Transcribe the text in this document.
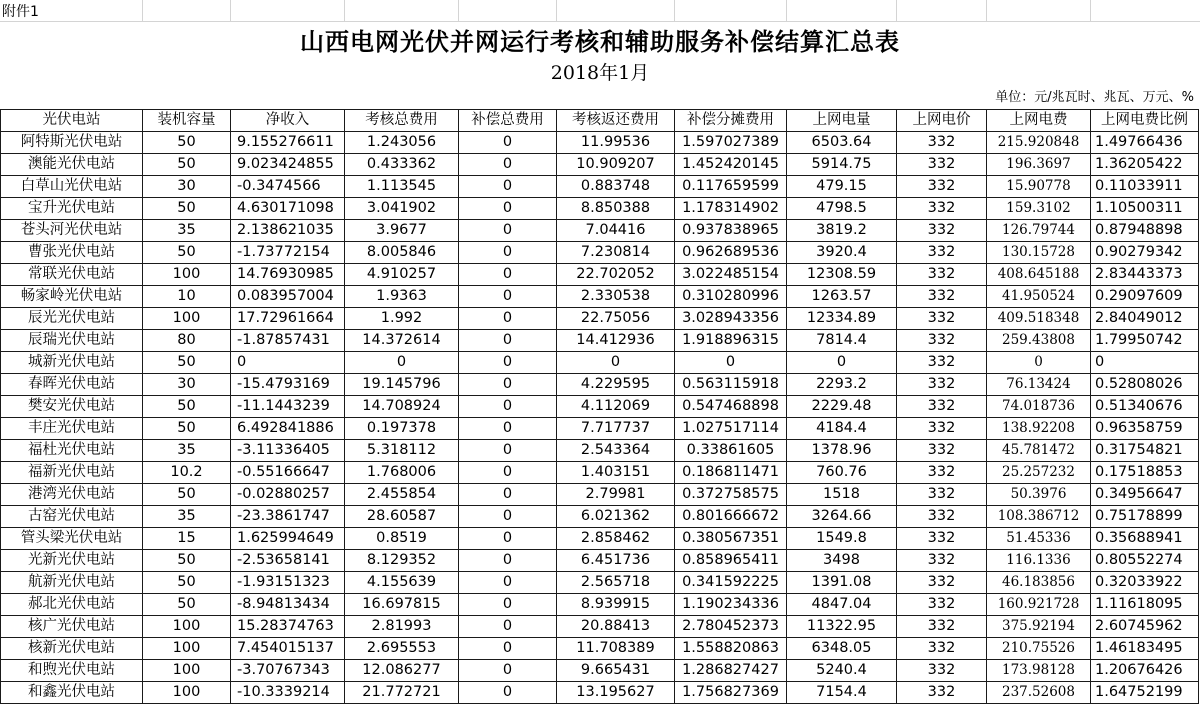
附件1
山西电网光伏并网运行考核和辅助服务补偿结算汇总表
2018年1月
单位：元/兆瓦时、兆瓦、万元、%
光伏电站	装机容量	净收入	考核总费用	补偿总费用	考核返还费用	补偿分摊费用	上网电量	上网电价	上网电费	上网电费比例
阿特斯光伏电站	50	9.155276611	1.243056	0	11.99536	1.597027389	6503.64	332	215.920848	1.49766436
澳能光伏电站	50	9.023424855	0.433362	0	10.909207	1.452420145	5914.75	332	196.3697	1.36205422
白草山光伏电站	30	-0.3474566	1.113545	0	0.883748	0.117659599	479.15	332	15.90778	0.11033911
宝升光伏电站	50	4.630171098	3.041902	0	8.850388	1.178314902	4798.5	332	159.3102	1.10500311
苍头河光伏电站	35	2.138621035	3.9677	0	7.04416	0.937838965	3819.2	332	126.79744	0.87948898
曹张光伏电站	50	-1.73772154	8.005846	0	7.230814	0.962689536	3920.4	332	130.15728	0.90279342
常联光伏电站	100	14.76930985	4.910257	0	22.702052	3.022485154	12308.59	332	408.645188	2.83443373
畅家岭光伏电站	10	0.083957004	1.9363	0	2.330538	0.310280996	1263.57	332	41.950524	0.29097609
辰光光伏电站	100	17.72961664	1.992	0	22.75056	3.028943356	12334.89	332	409.518348	2.84049012
辰瑞光伏电站	80	-1.87857431	14.372614	0	14.412936	1.918896315	7814.4	332	259.43808	1.79950742
城新光伏电站	50	0	0	0	0	0	0	332	0	0
春晖光伏电站	30	-15.4793169	19.145796	0	4.229595	0.563115918	2293.2	332	76.13424	0.52808026
樊安光伏电站	50	-11.1443239	14.708924	0	4.112069	0.547468898	2229.48	332	74.018736	0.51340676
丰庄光伏电站	50	6.492841886	0.197378	0	7.717737	1.027517114	4184.4	332	138.92208	0.96358759
福杜光伏电站	35	-3.11336405	5.318112	0	2.543364	0.33861605	1378.96	332	45.781472	0.31754821
福新光伏电站	10.2	-0.55166647	1.768006	0	1.403151	0.186811471	760.76	332	25.257232	0.17518853
港湾光伏电站	50	-0.02880257	2.455854	0	2.79981	0.372758575	1518	332	50.3976	0.34956647
古窑光伏电站	35	-23.3861747	28.60587	0	6.021362	0.801666672	3264.66	332	108.386712	0.75178899
管头梁光伏电站	15	1.625994649	0.8519	0	2.858462	0.380567351	1549.8	332	51.45336	0.35688941
光新光伏电站	50	-2.53658141	8.129352	0	6.451736	0.858965411	3498	332	116.1336	0.80552274
航新光伏电站	50	-1.93151323	4.155639	0	2.565718	0.341592225	1391.08	332	46.183856	0.32033922
郝北光伏电站	50	-8.94813434	16.697815	0	8.939915	1.190234336	4847.04	332	160.921728	1.11618095
核广光伏电站	100	15.28374763	2.81993	0	20.88413	2.780452373	11322.95	332	375.92194	2.60745962
核新光伏电站	100	7.454015137	2.695553	0	11.708389	1.558820863	6348.05	332	210.75526	1.46183495
和煦光伏电站	100	-3.70767343	12.086277	0	9.665431	1.286827427	5240.4	332	173.98128	1.20676426
和鑫光伏电站	100	-10.3339214	21.772721	0	13.195627	1.756827369	7154.4	332	237.52608	1.64752199
